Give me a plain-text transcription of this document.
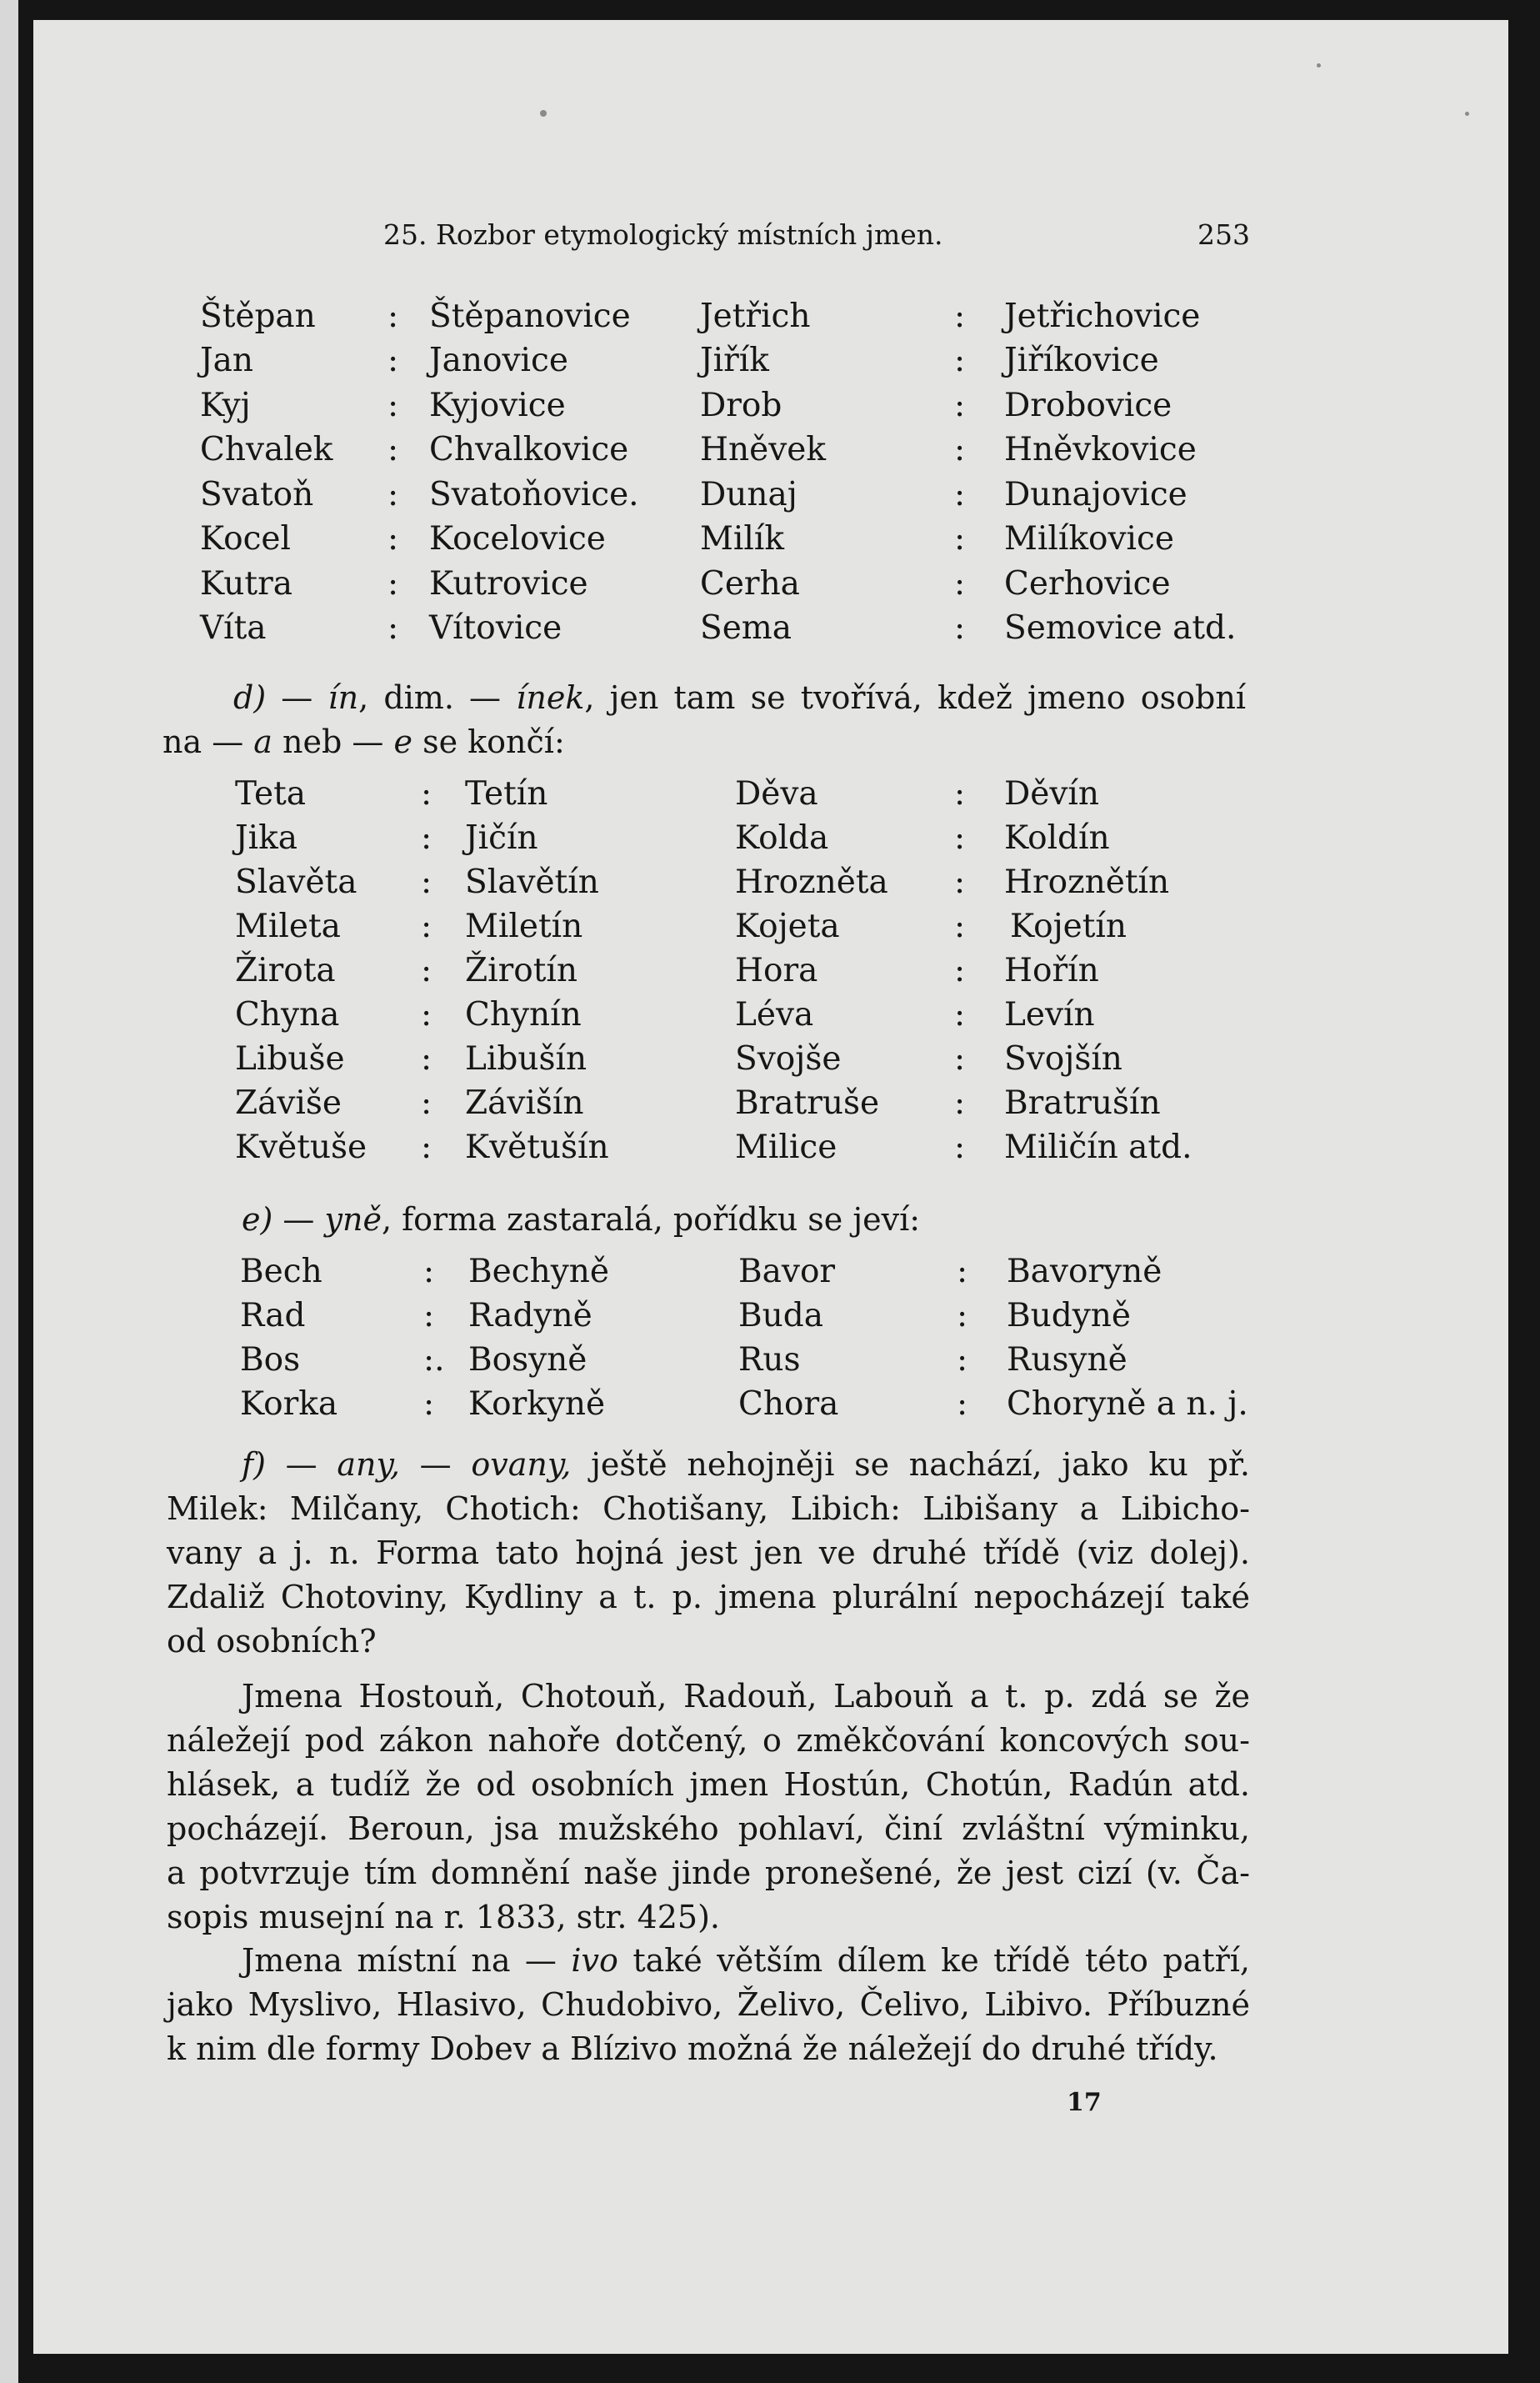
25. Rozbor etymologický místních jmen.	253
Štěpan : Štěpanovice Jetřich	: Jetřichovice
Jan	: Janovice	Jiřík	: Jiříkovice
Kyj	: Kyjovice	Drob	: Drobovice
Chvalek : Chvalkovice Hněvek	: Hněvkovice
Svatoň : Svatoňovice. Dunaj	: Dunajovice
Kocel	: Kocelovice	Milík	: Milíkovice
Kutra	: Kutrovice	Cerha	: Cerhovice
Víta	: Vítovice	Sema	: Semovice atd.
d) — ín, dim. — ínek, jen tam se tvořívá, kdež jmeno osobní
na — a neb — e se končí:
Teta	: Tetín	Děva	: Děvín
Jika	: Jičín	Kolda	: Koldín
Slavěta : Slavětín	Hrozněta : Hroznětín
Mileta : Miletín	Kojeta	: Kojetín
Žirota	: Žirotín	Hora	: Hořín
Chyna	: Chynín	Léva	: Levín
Libuše : Libušín	Svojše	: Svojšín
Záviše : Závišín	Bratruše : Bratrušín
Květuše : Květušín	Milice	: Miličín atd.
e) — yně, forma zastaralá, pořídku se jeví:
Bech	: Bechyně	Bavor	: Bavoryně
Rad	: Radyně	Buda	: Budyně
Bos	:. Bosyně	Rus	: Rusyně
Korka	: Korkyně	Chora	: Choryně a n. j.
f) — any, — ovany, ještě nehojněji se nachází, jako ku př.
Milek: Milčany, Chotich: Chotišany, Libich: Libišany a Libicho-
vany a j. n. Forma tato hojná jest jen ve druhé třídě (viz dolej).
Zdaliž Chotoviny, Kydliny a t. p. jmena plurální nepocházejí také
od osobních?
Jmena Hostouň, Chotouň, Radouň, Labouň a t. p. zdá se že
náležejí pod zákon nahoře dotčený, o změkčování koncových sou-
hlásek, a tudíž že od osobních jmen Hostún, Chotún, Radún atd.
pocházejí. Beroun, jsa mužského pohlaví, činí zvláštní výminku,
a potvrzuje tím domnění naše jinde pronešené, že jest cizí (v. Ča-
sopis musejní na r. 1833, str. 425).
Jmena místní na — ivo také větším dílem ke třídě této patří,
jako Myslivo, Hlasivo, Chudobivo, Želivo, Čelivo, Libivo. Příbuzné
k nim dle formy Dobev a Blízivo možná že náležejí do druhé třídy.
17
